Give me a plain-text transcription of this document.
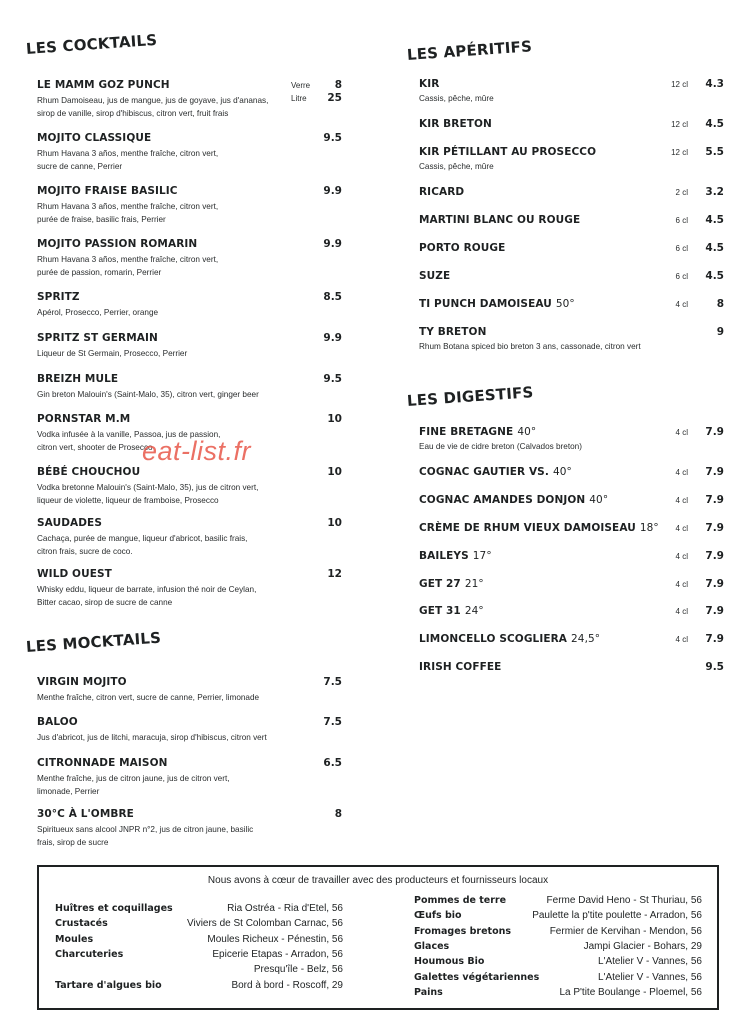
LES COCKTAILS
LE MAMM GOZ PUNCH
Rhum Damoiseau, jus de mangue, jus de goyave, jus d'ananas,
sirop de vanille, sirop d'hibiscus, citron vert, fruit frais
Verre	8
Litre	25
MOJITO CLASSIQUE
Rhum Havana 3 años, menthe fraîche, citron vert,
sucre de canne, Perrier
9.5
MOJITO FRAISE BASILIC
Rhum Havana 3 años, menthe fraîche, citron vert,
purée de fraise, basilic frais, Perrier
9.9
MOJITO PASSION ROMARIN
Rhum Havana 3 años, menthe fraîche, citron vert,
purée de passion, romarin, Perrier
9.9
SPRITZ
Apérol, Prosecco, Perrier, orange
8.5
SPRITZ ST GERMAIN
Liqueur de St Germain, Prosecco, Perrier
9.9
BREIZH MULE
Gin breton Malouin's (Saint-Malo, 35), citron vert, ginger beer
9.5
PORNSTAR M.M
Vodka infusée à la vanille, Passoa, jus de passion,
citron vert, shooter de Prosecco
10
BÉBÉ CHOUCHOU
Vodka bretonne Malouin's (Saint-Malo, 35), jus de citron vert,
liqueur de violette, liqueur de framboise, Prosecco
10
SAUDADES
Cachaça, purée de mangue, liqueur d'abricot, basilic frais,
citron frais, sucre de coco.
10
WILD OUEST
Whisky eddu, liqueur de barrate, infusion thé noir de Ceylan,
Bitter cacao, sirop de sucre de canne
12
LES MOCKTAILS
VIRGIN MOJITO
Menthe fraîche, citron vert, sucre de canne, Perrier, limonade
7.5
BALOO
Jus d'abricot, jus de litchi, maracuja, sirop d'hibiscus, citron vert
7.5
CITRONNADE MAISON
Menthe fraîche, jus de citron jaune, jus de citron vert,
limonade, Perrier
6.5
30°C À L'OMBRE
Spiritueux sans alcool JNPR n°2, jus de citron jaune, basilic
frais, sirop de sucre
8
LES APÉRITIFS
KIR
Cassis, pêche, mûre
12 cl	4.3
KIR BRETON	12 cl	4.5
KIR PÉTILLANT AU PROSECCO
Cassis, pêche, mûre
12 cl	5.5
RICARD	2 cl	3.2
MARTINI BLANC OU ROUGE	6 cl	4.5
PORTO ROUGE	6 cl	4.5
SUZE	6 cl	4.5
TI PUNCH DAMOISEAU 50°	4 cl	8
TY BRETON
Rhum Botana spiced bio breton 3 ans, cassonade, citron vert
9
LES DIGESTIFS
FINE BRETAGNE 40°
Eau de vie de cidre breton (Calvados breton)
4 cl	7.9
COGNAC GAUTIER VS. 40°	4 cl	7.9
COGNAC AMANDES DONJON 40°	4 cl	7.9
CRÈME DE RHUM VIEUX DAMOISEAU 18°	4 cl	7.9
BAILEYS 17°	4 cl	7.9
GET 27 21°	4 cl	7.9
GET 31 24°	4 cl	7.9
LIMONCELLO SCOGLIERA 24,5°	4 cl	7.9
IRISH COFFEE	9.5
eat-list.fr
Nous avons à cœur de travailler avec des producteurs et fournisseurs locaux
Huîtres et coquillages	Ria Ostréa - Ria d'Etel, 56
Crustacés	Viviers de St Colomban Carnac, 56
Moules	Moules Richeux - Pénestin, 56
Charcuteries	Epicerie Etapas - Arradon, 56
Presqu'île - Belz, 56
Tartare d'algues bio	Bord à bord - Roscoff, 29
Pommes de terre	Ferme David Heno - St Thuriau, 56
Œufs bio	Paulette la p'tite poulette - Arradon, 56
Fromages bretons	Fermier de Kervihan - Mendon, 56
Glaces	Jampi Glacier - Bohars, 29
Houmous Bio	L'Atelier V - Vannes, 56
Galettes végétariennes	L'Atelier V - Vannes, 56
Pains	La P'tite Boulange - Ploemel, 56
